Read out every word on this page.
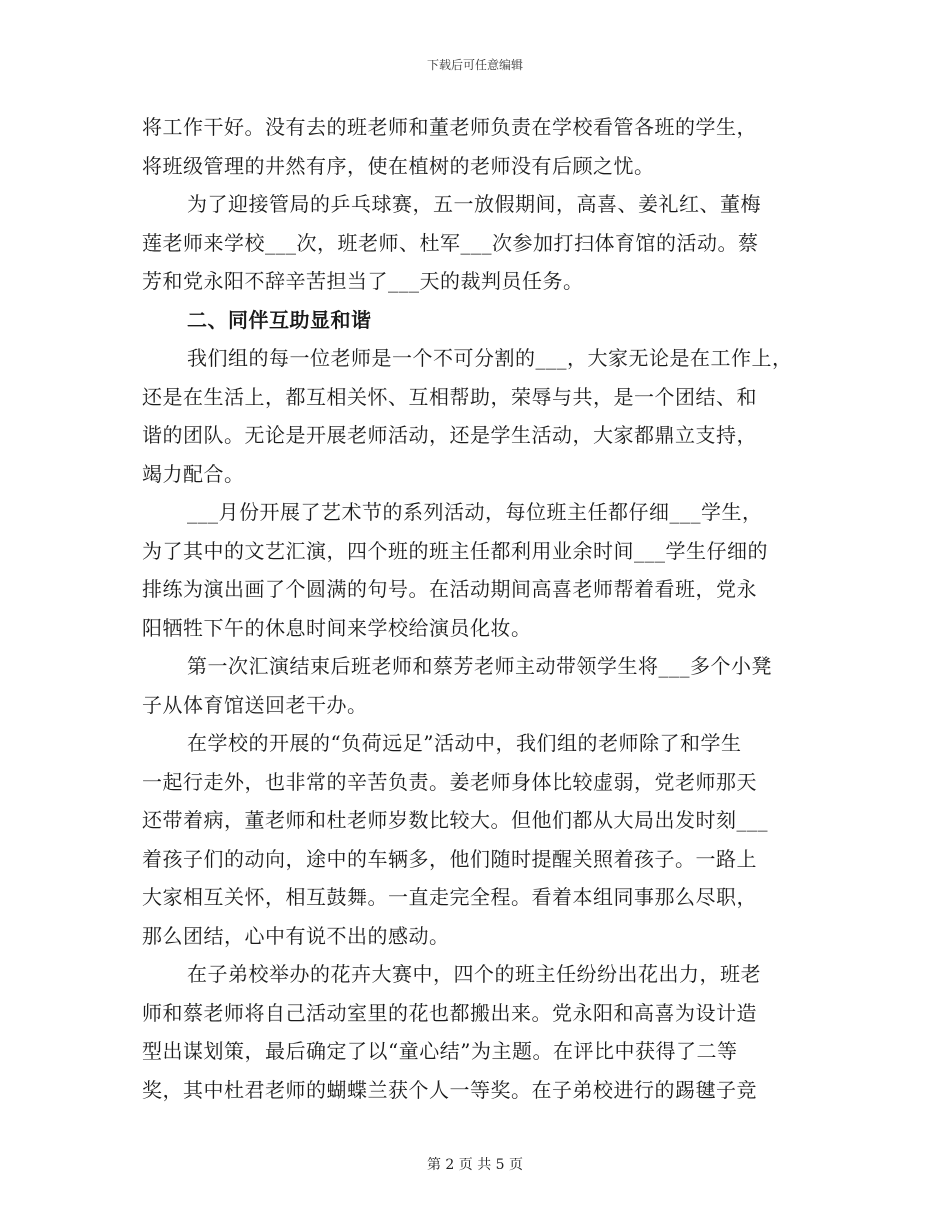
下载后可任意编辑
将工作干好。没有去的班老师和董老师负责在学校看管各班的学生，
将班级管理的井然有序，使在植树的老师没有后顾之忧。
为了迎接管局的乒乓球赛，五一放假期间，高喜、姜礼红、董梅
莲老师来学校___次，班老师、杜军___次参加打扫体育馆的活动。蔡
芳和党永阳不辞辛苦担当了___天的裁判员任务。
二、同伴互助显和谐
我们组的每一位老师是一个不可分割的___，大家无论是在工作上，
还是在生活上，都互相关怀、互相帮助，荣辱与共，是一个团结、和
谐的团队。无论是开展老师活动，还是学生活动，大家都鼎立支持，
竭力配合。
___月份开展了艺术节的系列活动，每位班主任都仔细___学生，
为了其中的文艺汇演，四个班的班主任都利用业余时间___学生仔细的
排练为演出画了个圆满的句号。在活动期间高喜老师帮着看班，党永
阳牺牲下午的休息时间来学校给演员化妆。
第一次汇演结束后班老师和蔡芳老师主动带领学生将___多个小凳
子从体育馆送回老干办。
在学校的开展的“负荷远足”活动中，我们组的老师除了和学生
一起行走外，也非常的辛苦负责。姜老师身体比较虚弱，党老师那天
还带着病，董老师和杜老师岁数比较大。但他们都从大局出发时刻___
着孩子们的动向，途中的车辆多，他们随时提醒关照着孩子。一路上
大家相互关怀，相互鼓舞。一直走完全程。看着本组同事那么尽职，
那么团结，心中有说不出的感动。
在子弟校举办的花卉大赛中，四个的班主任纷纷出花出力，班老
师和蔡老师将自己活动室里的花也都搬出来。党永阳和高喜为设计造
型出谋划策，最后确定了以“童心结”为主题。在评比中获得了二等
奖，其中杜君老师的蝴蝶兰获个人一等奖。在子弟校进行的踢毽子竞
第 2 页 共 5 页
